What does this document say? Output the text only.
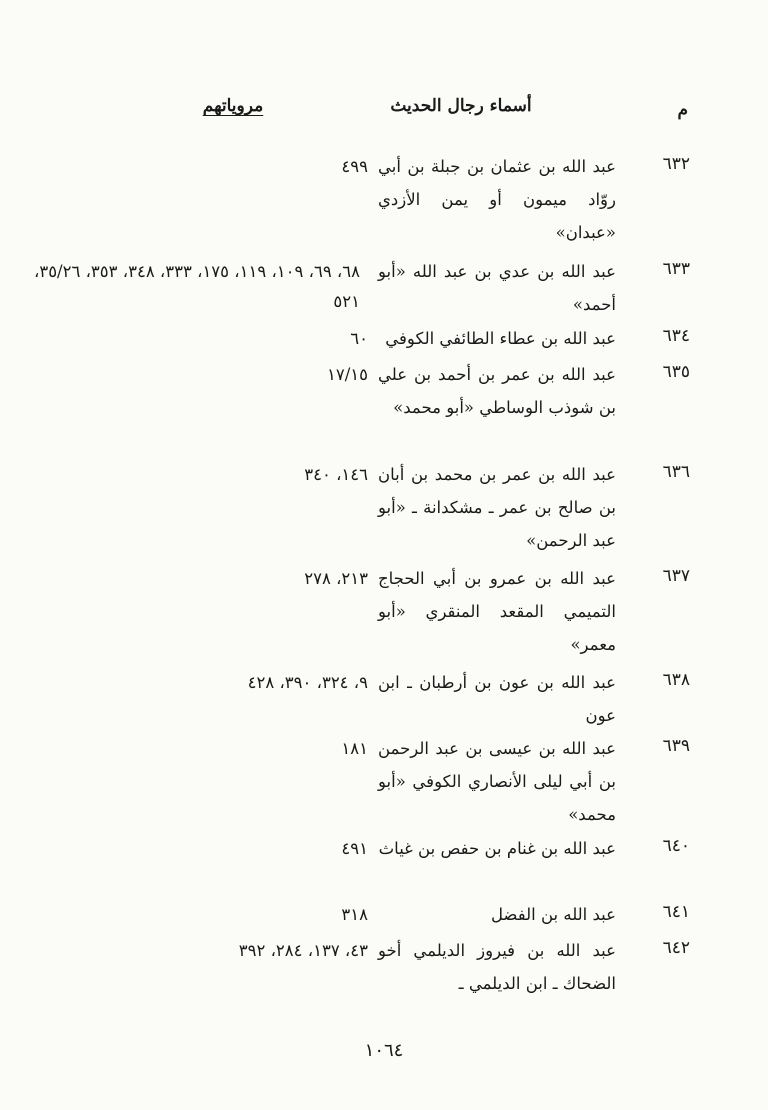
م
أسماء رجال الحديث
مروياتهم
٦٣٢
عبد الله بن عثمان بن جبلة بن أبي روّاد ميمون أو يمن الأزدي «عبدان»
٤٩٩
٦٣٣
عبد الله بن عدي بن عبد الله «أبو أحمد»
٦٨، ٦٩، ١٠٩، ١١٩، ١٧٥، ٣٣٣، ٣٤٨، ٣٥٣، ٣٥/٢٦، ٥٢١
٦٣٤
عبد الله بن عطاء الطائفي الكوفي
٦٠
٦٣٥
عبد الله بن عمر بن أحمد بن علي بن شوذب الوساطي «أبو محمد»
١٧/١٥
٦٣٦
عبد الله بن عمر بن محمد بن أبان بن صالح بن عمر ـ مشكدانة ـ «أبو عبد الرحمن»
١٤٦، ٣٤٠
٦٣٧
عبد الله بن عمرو بن أبي الحجاج التميمي المقعد المنقري «أبو معمر»
٢١٣، ٢٧٨
٦٣٨
عبد الله بن عون بن أرطبان ـ ابن عون
٩، ٣٢٤، ٣٩٠، ٤٢٨
٦٣٩
عبد الله بن عيسى بن عبد الرحمن بن أبي ليلى الأنصاري الكوفي «أبو محمد»
١٨١
٦٤٠
عبد الله بن غنام بن حفص بن غياث
٤٩١
٦٤١
عبد الله بن الفضل
٣١٨
٦٤٢
عبد الله بن فيروز الديلمي أخو الضحاك ـ ابن الديلمي ـ
٤٣، ١٣٧، ٢٨٤، ٣٩٢
١٠٦٤
